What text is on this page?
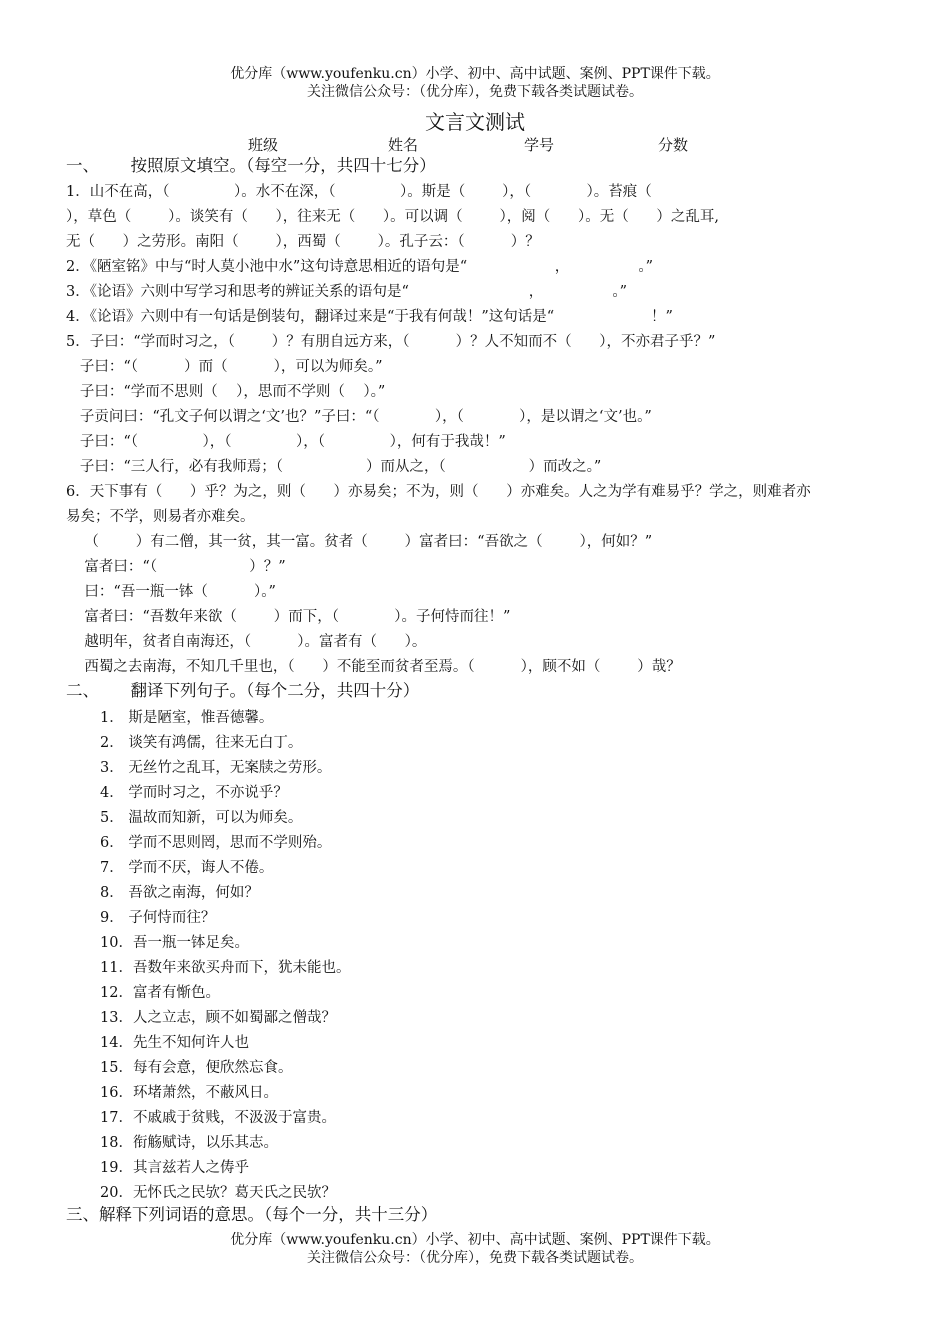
优分库（www.youfenku.cn）小学、初中、高中试题、案例、PPT课件下载。
关注微信公众号：（优分库），免费下载各类试题试卷。
文言文测试
班级	姓名	学号	分数
一、      按照原文填空。（每空一分，共四十七分）
1．山不在高，（              ）。水不在深，（              ）。斯是（        ），（            ）。苔痕（
），草色（        ）。谈笑有（      ），往来无（      ）。可以调（        ），阅（      ）。无（      ）之乱耳,
无（      ）之劳形。南阳（        ），西蜀（        ）。孔子云：（          ）？
2．《陋室铭》中与“时人莫小池中水”这句诗意思相近的语句是“                   ，               。”
3．《论语》六则中写学习和思考的辨证关系的语句是“                          ，               。”
4．《论语》六则中有一句话是倒装句，翻译过来是“于我有何哉！”这句话是“                     ！”
5．子曰：“学而时习之，（        ）？有朋自远方来，（          ）？人不知而不（      ），不亦君子乎？”
子曰：“（          ）而（          ），可以为师矣。”
子曰：“学而不思则（    ），思而不学则（    ）。”
子贡问曰：“孔文子何以谓之‘文’也？”子曰：“（            ），（            ），是以谓之‘文’也。”
子曰：“（              ），（              ），（              ），何有于我哉！”
子曰：“三人行，必有我师焉；（                  ）而从之，（                  ）而改之。”
6．天下事有（      ）乎？为之，则（      ）亦易矣；不为，则（      ）亦难矣。人之为学有难易乎？学之，则难者亦
易矣；不学，则易者亦难矣。
（        ）有二僧，其一贫，其一富。贫者（        ）富者曰：“吾欲之（        ），何如？”
富者曰：“（                    ）？”
曰：“吾一瓶一钵（          ）。”
富者曰：“吾数年来欲（        ）而下，（            ）。子何恃而往！”
越明年，贫者自南海还，（          ）。富者有（      ）。
西蜀之去南海，不知几千里也，（      ）不能至而贫者至焉。（          ），顾不如（        ）哉？
二、      翻译下列句子。（每个二分，共四十分）
1． 斯是陋室，惟吾德馨。
2． 谈笑有鸿儒，往来无白丁。
3． 无丝竹之乱耳，无案牍之劳形。
4． 学而时习之，不亦说乎？
5． 温故而知新，可以为师矣。
6． 学而不思则罔，思而不学则殆。
7． 学而不厌，诲人不倦。
8． 吾欲之南海，何如？
9． 子何恃而往？
10．吾一瓶一钵足矣。
11．吾数年来欲买舟而下，犹未能也。
12．富者有惭色。
13．人之立志，顾不如蜀鄙之僧哉？
14．先生不知何许人也
15．每有会意，便欣然忘食。
16．环堵萧然，不蔽风日。
17．不戚戚于贫贱，不汲汲于富贵。
18．衔觞赋诗，以乐其志。
19．其言兹若人之俦乎
20．无怀氏之民欤？葛天氏之民欤？
三、解释下列词语的意思。（每个一分，共十三分）
优分库（www.youfenku.cn）小学、初中、高中试题、案例、PPT课件下载。
关注微信公众号：（优分库），免费下载各类试题试卷。
